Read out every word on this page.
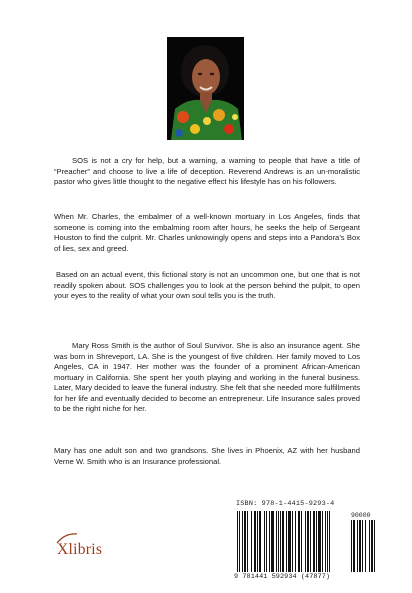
SOS is not a cry for help, but a warning, a warning to people that have a title of “Preacher” and choose to live a life of deception. Reverend Andrews is an un-moralistic pastor who gives little thought to the negative effect his lifestyle has on his followers.

When Mr. Charles, the embalmer of a well-known mortuary in Los Angeles, finds that someone is coming into the embalming room after hours, he seeks the help of Sergeant Houston to find the culprit. Mr. Charles unknowingly opens and steps into a Pandora’s Box of lies, sex and greed.

Based on an actual event, this fictional story is not an uncommon one, but one that is not readily spoken about. SOS challenges you to look at the person behind the pulpit, to open your eyes to the reality of what your own soul tells you is the truth.

Mary Ross Smith is the author of Soul Survivor. She is also an insurance agent. She was born in Shreveport, LA. She is the youngest of five children. Her family moved to Los Angeles, CA in 1947. Her mother was the founder of a prominent African-American mortuary in California. She spent her youth playing and working in the funeral business. Later, Mary decided to leave the funeral industry. She felt that she needed more fulfillments for her life and eventually decided to become an entrepreneur. Life Insurance sales proved to be the right niche for her.

Mary has one adult son and two grandsons. She lives in Phoenix, AZ with her husband Verne W. Smith who is an Insurance professional.

ISBN: 978-1-4415-9293-4
90000
9 781441 592934 (47877)
Xlibris
